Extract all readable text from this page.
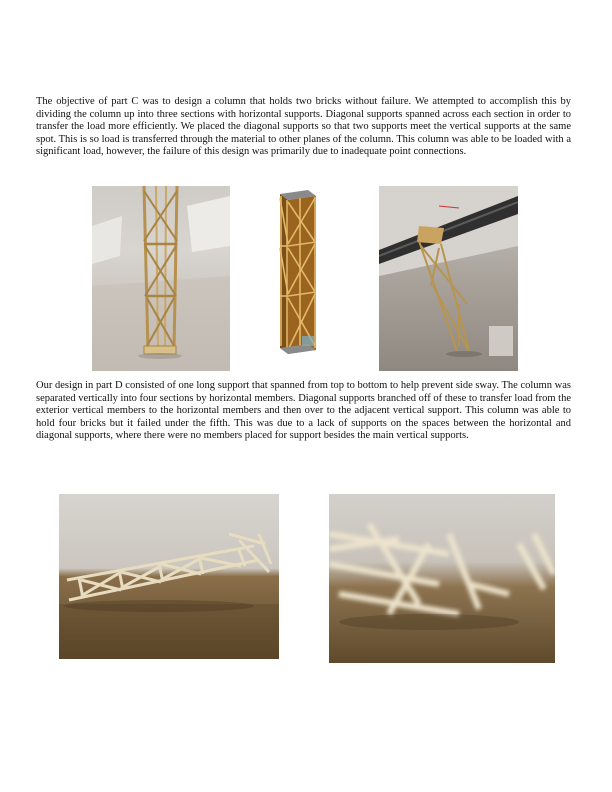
The objective of part C was to design a column that holds two bricks without failure. We attempted to accomplish this by dividing the column up into three sections with horizontal supports. Diagonal supports spanned across each section in order to transfer the load more efficiently. We placed the diagonal supports so that two supports meet the vertical supports at the same spot. This is so load is transferred through the material to other planes of the column. This column was able to be loaded with a significant load, however, the failure of this design was primarily due to inadequate point connections.

Our design in part D consisted of one long support that spanned from top to bottom to help prevent side sway. The column was separated vertically into four sections by horizontal members. Diagonal supports branched off of these to transfer load from the exterior vertical members to the horizontal members and then over to the adjacent vertical support. This column was able to hold four bricks but it failed under the fifth. This was due to a lack of supports on the spaces between the horizontal and diagonal supports, where there were no members placed for support besides the main vertical supports.
